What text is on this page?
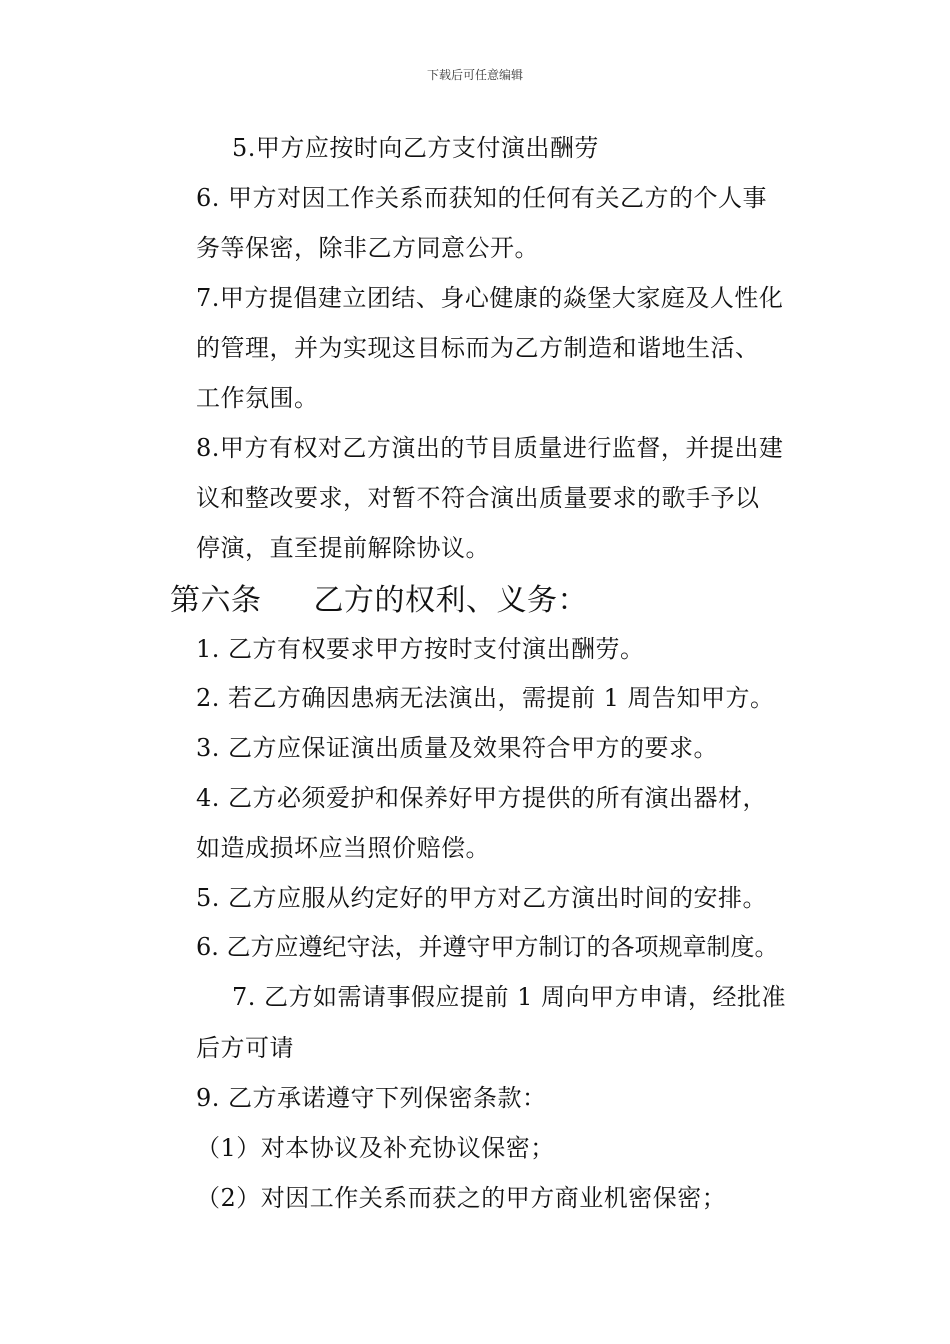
下载后可任意编辑
5.甲方应按时向乙方支付演出酬劳
6. 甲方对因工作关系而获知的任何有关乙方的个人事
务等保密，除非乙方同意公开。
7.甲方提倡建立团结、身心健康的焱堡大家庭及人性化
的管理，并为实现这目标而为乙方制造和谐地生活、
工作氛围。
8.甲方有权对乙方演出的节目质量进行监督，并提出建
议和整改要求，对暂不符合演出质量要求的歌手予以
停演，直至提前解除协议。
第六条 乙方的权利、义务：
1. 乙方有权要求甲方按时支付演出酬劳。
2. 若乙方确因患病无法演出，需提前 1 周告知甲方。
3. 乙方应保证演出质量及效果符合甲方的要求。
4. 乙方必须爱护和保养好甲方提供的所有演出器材，
如造成损坏应当照价赔偿。
5. 乙方应服从约定好的甲方对乙方演出时间的安排。
6. 乙方应遵纪守法，并遵守甲方制订的各项规章制度。
7. 乙方如需请事假应提前 1 周向甲方申请，经批准
后方可请
9. 乙方承诺遵守下列保密条款：
（1）对本协议及补充协议保密；
（2）对因工作关系而获之的甲方商业机密保密；
